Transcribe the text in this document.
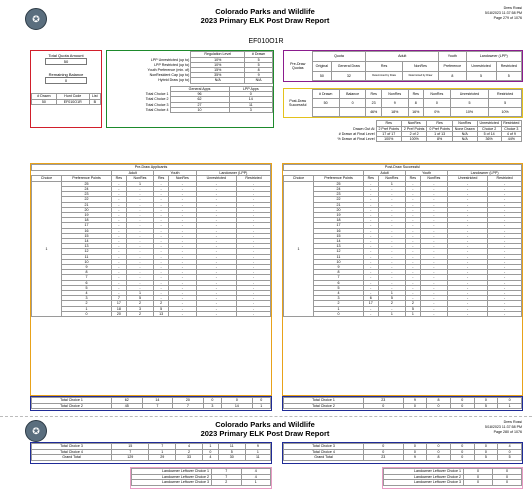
✪
Colorado Parks and Wildlife
2023 Primary ELK Post Draw Report
Drew Rossi
5/18/2023 11:37:58 PM
Page 279 of 1076
EF010O1R
Total Quota Amount
50
Remaining Balance
0
# Drawn	Hunt Code	List
50	EF010O1R	B
	Regulation Level	# Drawn
LPP Unrestricted (up to)	10%	5
LPP Restricted (up to)	10%	5
Youth Preference (min. of)	15%	8
NonResident Cap (up to)	35%	9
Hybrid Draw (up to)	N/A	N/A
	General Apps	LPP Apps
Total Choice 1	96	0
Total Choice 2	62	14
Total Choice 3	27	11
Total Choice 4	10	3
Pre-Draw Quotas	Quota		Adult		Youth	Landowner (LPP)	
	Original	General Draw	Res	NonRes	Preference	Unrestricted	Restricted
	50	32	Determined by Draw	Determined by Draw	8	5	5
Post-Draw Successful	# Drawn	Balance	Res	NonRes	Res	NonRes	Unrestricted	Restricted
	50	0	23	9	8	0	5	5
			46%	18%	16%	0%	10%	10%
	Res	NonRes	Res	NonRes	Unrestricted	Restricted
Drawn Out At	2 Pref Points	2 Pref Points	0 Pref Points	None Drawn	Choice 2	Choice 3
# Drawn at Final Level	17 of 17	2 of 2	1 of 13	N/A	5 of 14	4 of 9
% Drawn at Final Level	100%	100%	8%	N/A	36%	44%
Pre-Draw Applicants							
		Adult		Youth		Landowner (LPP)	
Choice	Preference Points	Res	NonRes	Res	NonRes	Unrestricted	Restricted
1	25	-	1	-	-	-	-
	24	-	-	-	-	-	-
	23	-	-	-	-	-	-
	22	-	-	-	-	-	-
	21	-	-	-	-	-	-
	20	-	-	-	-	-	-
	19	-	-	-	-	-	-
	18	-	-	-	-	-	-
	17	-	-	-	-	-	-
	16	-	-	-	-	-	-
	15	-	-	-	-	-	-
	14	-	-	-	-	-	-
	13	-	-	-	-	-	-
	12	-	-	-	-	-	-
	11	-	-	-	-	-	-
	10	-	-	-	-	-	-
	9	-	-	-	-	-	-
	8	-	-	-	-	-	-
	7	-	-	-	-	-	-
	6	-	-	-	-	-	-
	5	-	-	-	-	-	-
	4	-	1	-	-	-	-
	3	7	5	-	-	-	-
	2	17	2	2	-	-	-
	1	18	3	5	-	-	-
	0	20	2	13	-	-	-
Total Choice 1	62	14	20	0	0	0
Total Choice 2	45	7	7	3	14	1
Post-Draw Successful							
		Adult		Youth		Landowner (LPP)	
Choice	Preference Points	Res	NonRes	Res	NonRes	Unrestricted	Restricted
1	25	-	1	-	-	-	-
	24	-	-	-	-	-	-
	23	-	-	-	-	-	-
	22	-	-	-	-	-	-
	21	-	-	-	-	-	-
	20	-	-	-	-	-	-
	19	-	-	-	-	-	-
	18	-	-	-	-	-	-
	17	-	-	-	-	-	-
	16	-	-	-	-	-	-
	15	-	-	-	-	-	-
	14	-	-	-	-	-	-
	13	-	-	-	-	-	-
	12	-	-	-	-	-	-
	11	-	-	-	-	-	-
	10	-	-	-	-	-	-
	9	-	-	-	-	-	-
	8	-	-	-	-	-	-
	7	-	-	-	-	-	-
	6	-	-	-	-	-	-
	5	-	-	-	-	-	-
	4	-	1	-	-	-	-
	3	6	5	-	-	-	-
	2	17	2	2	-	-	-
	1	-	-	5	-	-	-
	0	-	1	1	-	-	-
Total Choice 1	23	9	8	0	0	0
Total Choice 2	0	0	0	0	5	1
✪
Colorado Parks and Wildlife
2023 Primary ELK Post Draw Report
Drew Rossi
5/18/2023 11:37:58 PM
Page 280 of 1076
Total Choice 3	15	7	4	1	11	9
Total Choice 4	7	1	2	0	5	1
Grand Total	129	29	33	4	30	11
Total Choice 3	0	0	0	0	0	4
Total Choice 4	0	0	0	0	0	0
Grand Total	23	9	8	0	5	5
Landowner Leftover Choice 1	7	4
Landowner Leftover Choice 2	7	4
Landowner Leftover Choice 3	2	1
Landowner Leftover Choice 1	0	0
Landowner Leftover Choice 2	0	0
Landowner Leftover Choice 3	0	0
